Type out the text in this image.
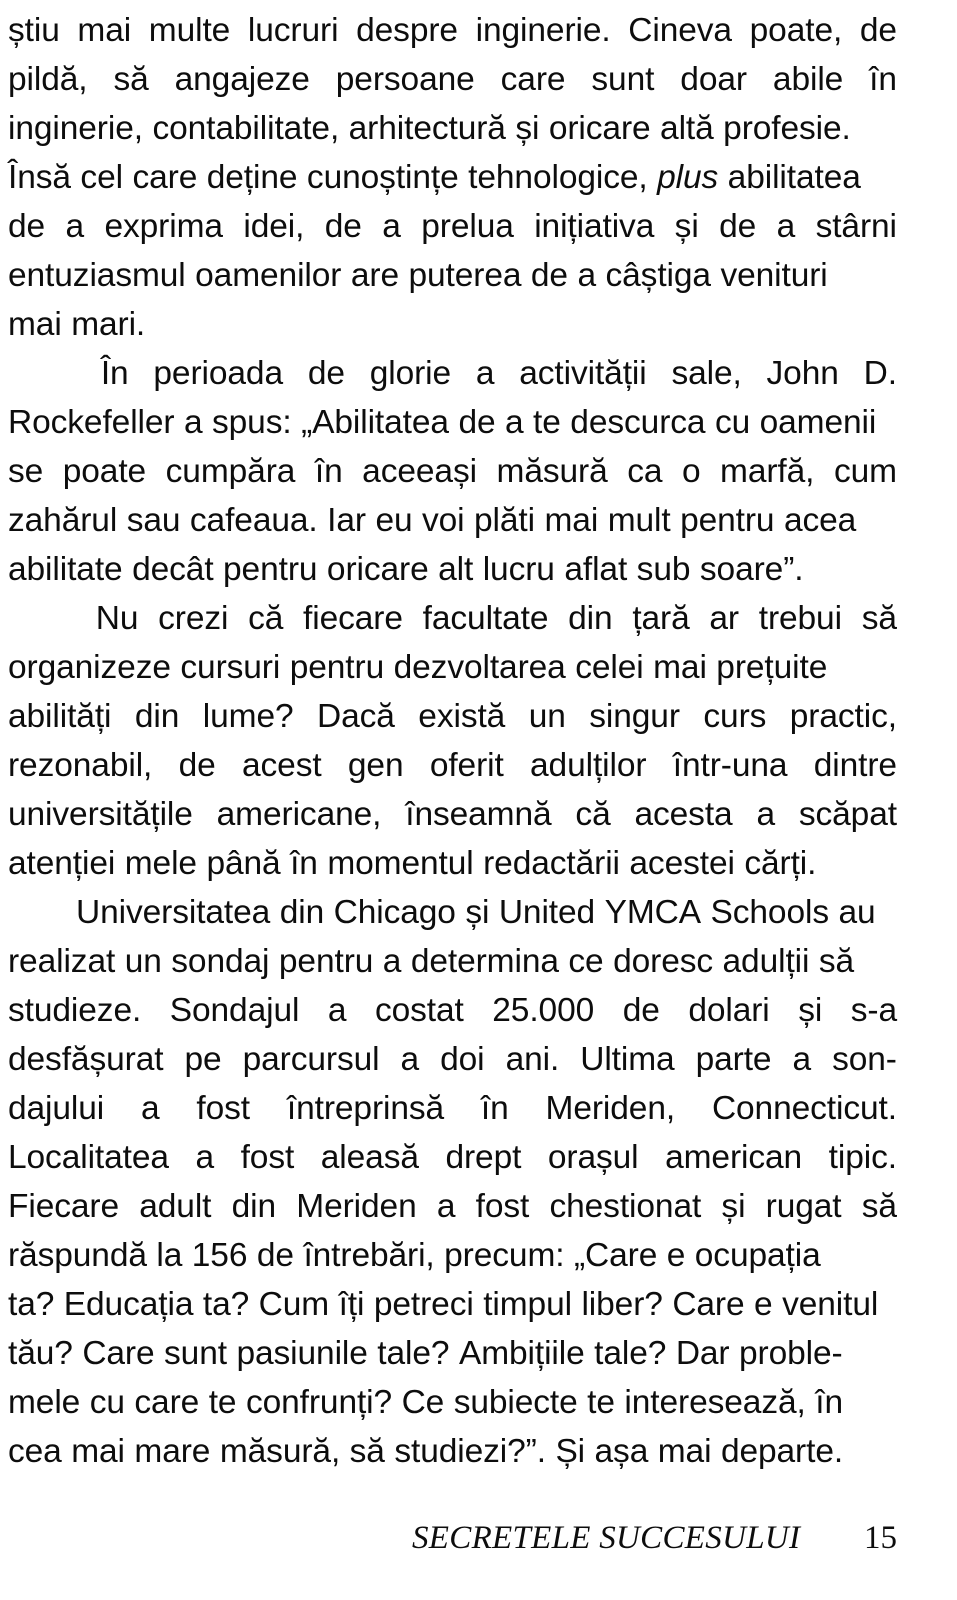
știu mai multe lucruri despre inginerie. Cineva poate, de
pildă, să angajeze persoane care sunt doar abile în
inginerie, contabilitate, arhitectură și oricare altă profesie.
Însă cel care deține cunoștințe tehnologice, plus abilitatea
de a exprima idei, de a prelua inițiativa și de a stârni
entuziasmul oamenilor are puterea de a câștiga venituri
mai mari.
În perioada de glorie a activității sale, John D.
Rockefeller a spus: „Abilitatea de a te descurca cu oamenii
se poate cumpăra în aceeași măsură ca o marfă, cum
zahărul sau cafeaua. Iar eu voi plăti mai mult pentru acea
abilitate decât pentru oricare alt lucru aflat sub soare”.
Nu crezi că fiecare facultate din țară ar trebui să
organizeze cursuri pentru dezvoltarea celei mai prețuite
abilități din lume? Dacă există un singur curs practic,
rezonabil, de acest gen oferit adulților într-una dintre
universitățile americane, înseamnă că acesta a scăpat
atenției mele până în momentul redactării acestei cărți.
Universitatea din Chicago și United YMCA Schools au
realizat un sondaj pentru a determina ce doresc adulții să
studieze. Sondajul a costat 25.000 de dolari și s-a
desfășurat pe parcursul a doi ani. Ultima parte a son-
dajului a fost întreprinsă în Meriden, Connecticut.
Localitatea a fost aleasă drept orașul american tipic.
Fiecare adult din Meriden a fost chestionat și rugat să
răspundă la 156 de întrebări, precum: „Care e ocupația
ta? Educația ta? Cum îți petreci timpul liber? Care e venitul
tău? Care sunt pasiunile tale? Ambițiile tale? Dar proble-
mele cu care te confrunți? Ce subiecte te interesează, în
cea mai mare măsură, să studiezi?”. Și așa mai departe.
SECRETELE SUCCESULUI 15
